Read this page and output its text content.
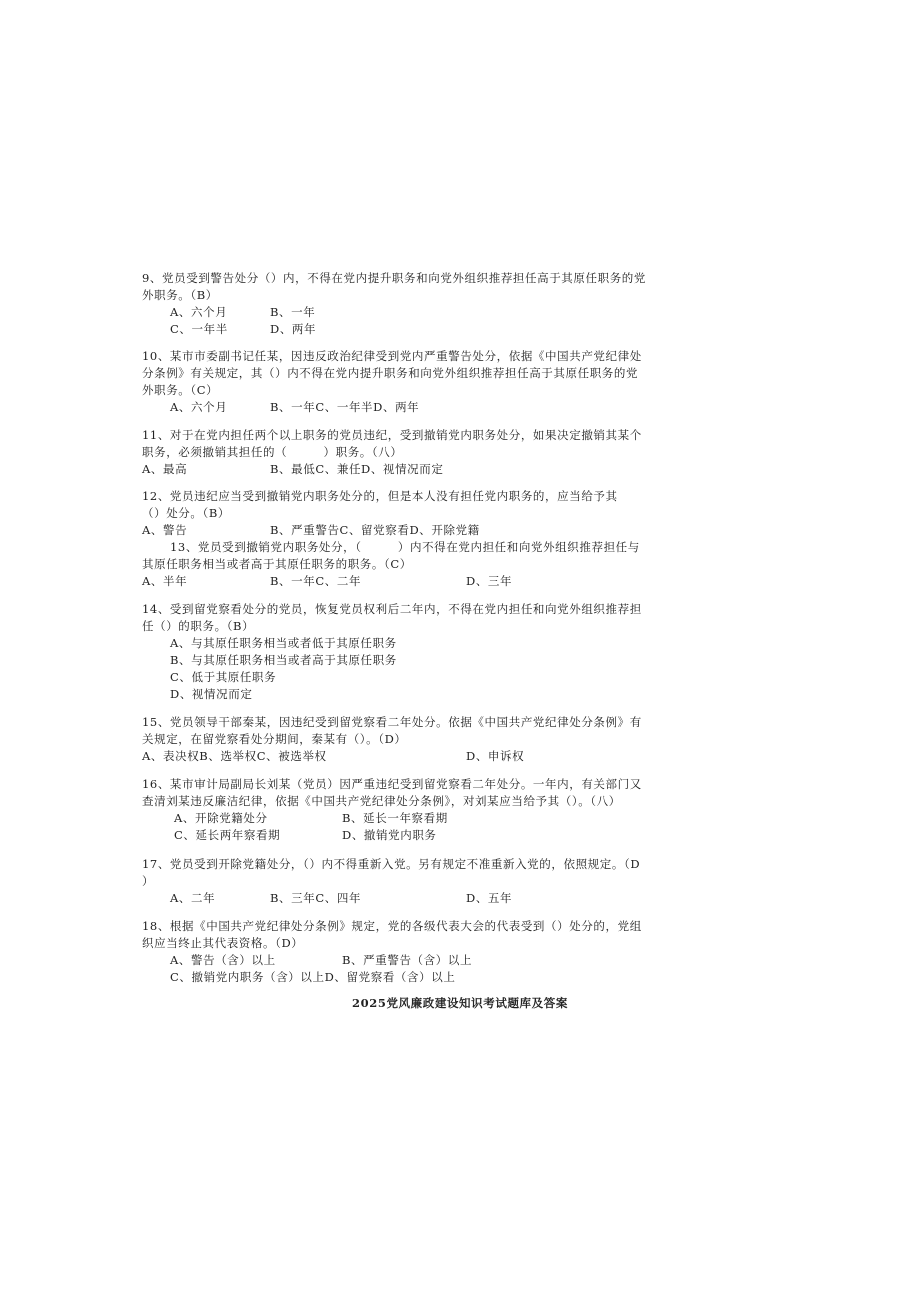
9、党员受到警告处分（）内，不得在党内提升职务和向党外组织推荐担任高于其原任职务的党
外职务。（B）
A、六个月	B、一年
C、一年半	D、两年
10、某市市委副书记任某，因违反政治纪律受到党内严重警告处分，依据《中国共产党纪律处
分条例》有关规定，其（）内不得在党内提升职务和向党外组织推荐担任高于其原任职务的党
外职务。（C）
A、六个月	B、一年C、一年半D、两年
11、对于在党内担任两个以上职务的党员违纪，受到撤销党内职务处分，如果决定撤销其某个
职务，必须撤销其担任的（　　　）职务。（八）
A、最高	B、最低C、兼任D、视情况而定
12、党员违纪应当受到撤销党内职务处分的，但是本人没有担任党内职务的，应当给予其
（）处分。（B）
A、警告	B、严重警告C、留党察看D、开除党籍
13、党员受到撤销党内职务处分，（　　　）内不得在党内担任和向党外组织推荐担任与
其原任职务相当或者高于其原任职务的职务。（C）
A、半年	B、一年C、二年	D、三年
14、受到留党察看处分的党员，恢复党员权利后二年内，不得在党内担任和向党外组织推荐担
任（）的职务。（B）
A、与其原任职务相当或者低于其原任职务
B、与其原任职务相当或者高于其原任职务
C、低于其原任职务
D、视情况而定
15、党员领导干部秦某，因违纪受到留党察看二年处分。依据《中国共产党纪律处分条例》有
关规定，在留党察看处分期间，秦某有（）。（D）
A、表决权B、选举权C、被选举权	D、申诉权
16、某市审计局副局长刘某（党员）因严重违纪受到留党察看二年处分。一年内，有关部门又
查清刘某违反廉洁纪律，依据《中国共产党纪律处分条例》，对刘某应当给予其（）。（八）
A、开除党籍处分	B、延长一年察看期
C、延长两年察看期	D、撤销党内职务
17、党员受到开除党籍处分，（）内不得重新入党。另有规定不准重新入党的，依照规定。（D
）
A、二年	B、三年C、四年	D、五年
18、根据《中国共产党纪律处分条例》规定，党的各级代表大会的代表受到（）处分的，党组
织应当终止其代表资格。（D）
A、警告（含）以上	B、严重警告（含）以上
C、撤销党内职务（含）以上D、留党察看（含）以上
2025党风廉政建设知识考试题库及答案
